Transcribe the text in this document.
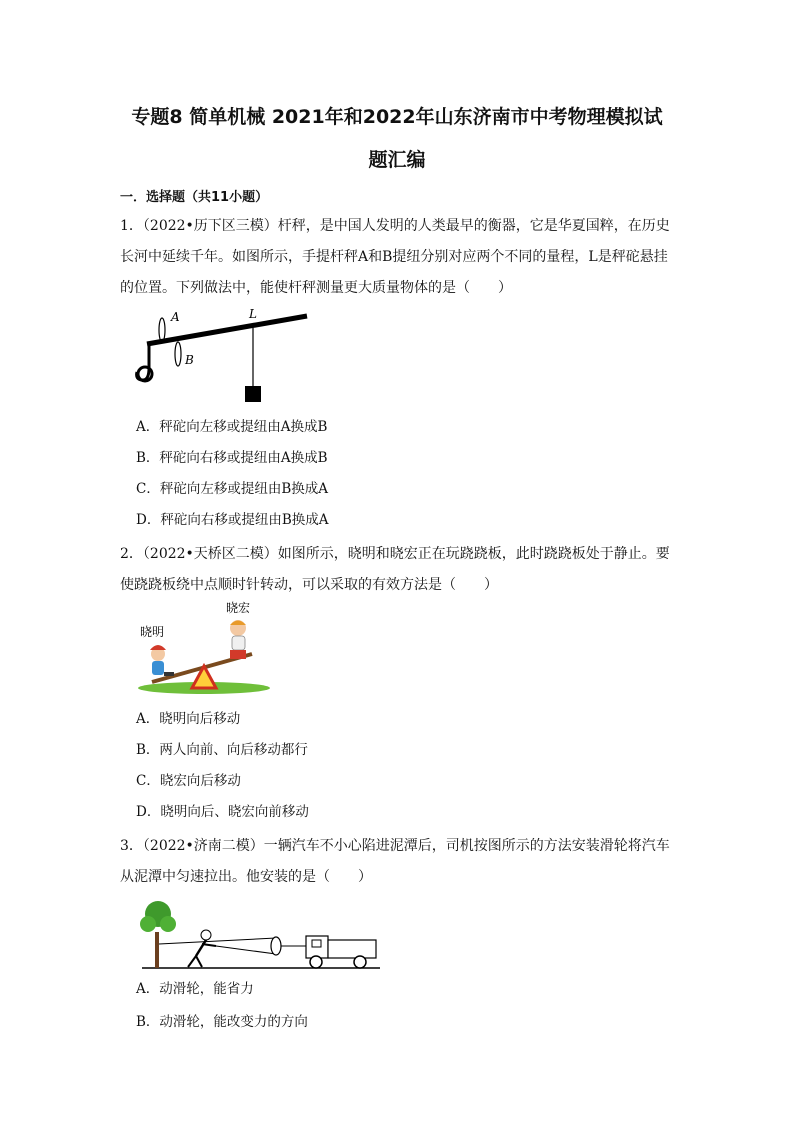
专题8 简单机械 2021年和2022年山东济南市中考物理模拟试
题汇编
一．选择题（共11小题）
1．（2022•历下区三模）杆秤，是中国人发明的人类最早的衡器，它是华夏国粹，在历史长河中延续千年。如图所示，手提杆秤A和B提纽分别对应两个不同的量程，L是秤砣悬挂的位置。下列做法中，能使杆秤测量更大质量物体的是（　　）
A
B
L
A．秤砣向左移或提纽由A换成B
B．秤砣向右移或提纽由A换成B
C．秤砣向左移或提纽由B换成A
D．秤砣向右移或提纽由B换成A
2．（2022•天桥区二模）如图所示，晓明和晓宏正在玩跷跷板，此时跷跷板处于静止。要使跷跷板绕中点顺时针转动，可以采取的有效方法是（　　）
晓宏
晓明
A．晓明向后移动
B．两人向前、向后移动都行
C．晓宏向后移动
D．晓明向后、晓宏向前移动
3．（2022•济南二模）一辆汽车不小心陷进泥潭后，司机按图所示的方法安装滑轮将汽车从泥潭中匀速拉出。他安装的是（　　）
A．动滑轮，能省力
B．动滑轮，能改变力的方向
